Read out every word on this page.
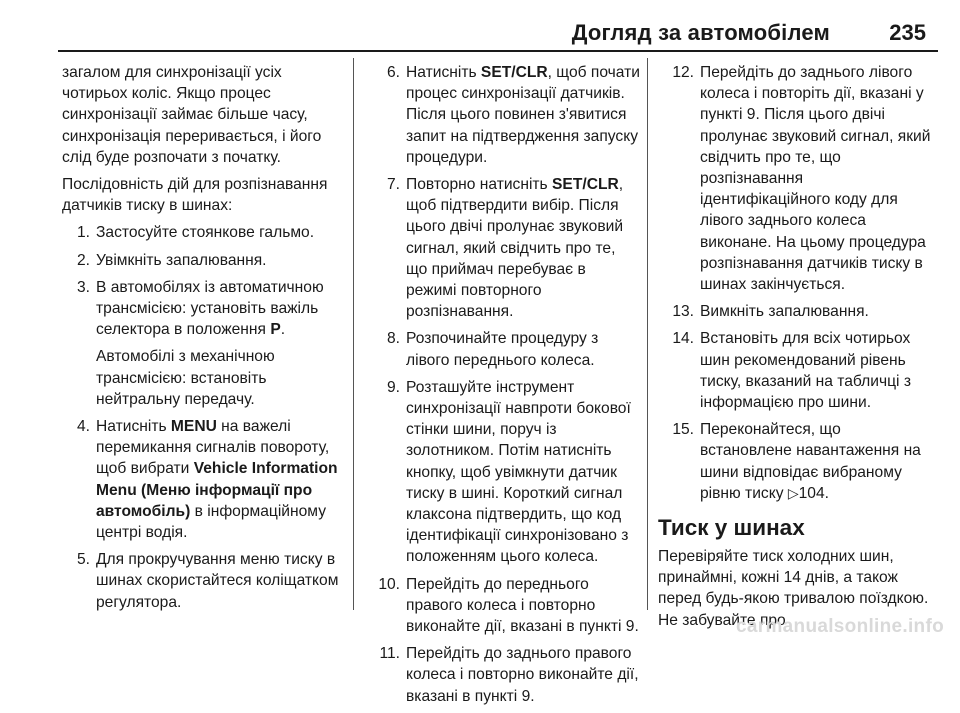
Догляд за автомобілем	235

загалом для синхронізації усіх чотирьох коліс. Якщо процес синхронізації займає більше часу, синхронізація переривається, і його слід буде розпочати з початку.

Послідовність дій для розпізнавання датчиків тиску в шинах:

1. Застосуйте стоянкове гальмо.
2. Увімкніть запалювання.
3. В автомобілях із автоматичною трансмісією: установіть важіль селектора в положення P.
Автомобілі з механічною трансмісією: встановіть нейтральну передачу.
4. Натисніть MENU на важелі перемикання сигналів повороту, щоб вибрати Vehicle Information Menu (Меню інформації про автомобіль) в інформаційному центрі водія.
5. Для прокручування меню тиску в шинах скористайтеся коліщатком регулятора.
6. Натисніть SET/CLR, щоб почати процес синхронізації датчиків. Після цього повинен з'явитися запит на підтвердження запуску процедури.
7. Повторно натисніть SET/CLR, щоб підтвердити вибір. Після цього двічі пролунає звуковий сигнал, який свідчить про те, що приймач перебуває в режимі повторного розпізнавання.
8. Розпочинайте процедуру з лівого переднього колеса.
9. Розташуйте інструмент синхронізації навпроти бокової стінки шини, поруч із золотником. Потім натисніть кнопку, щоб увімкнути датчик тиску в шині. Короткий сигнал клаксона підтвердить, що код ідентифікації синхронізовано з положенням цього колеса.
10. Перейдіть до переднього правого колеса і повторно виконайте дії, вказані в пункті 9.
11. Перейдіть до заднього правого колеса і повторно виконайте дії, вказані в пункті 9.
12. Перейдіть до заднього лівого колеса і повторіть дії, вказані у пункті 9. Після цього двічі пролунає звуковий сигнал, який свідчить про те, що розпізнавання ідентифікаційного коду для лівого заднього колеса виконане. На цьому процедура розпізнавання датчиків тиску в шинах закінчується.
13. Вимкніть запалювання.
14. Встановіть для всіх чотирьох шин рекомендований рівень тиску, вказаний на табличці з інформацією про шини.
15. Переконайтеся, що встановлене навантаження на шини відповідає вибраному рівню тиску ▷104.
Тиск у шинах

Перевіряйте тиск холодних шин, принаймні, кожні 14 днів, а також перед будь-якою тривалою поїздкою. Не забувайте про

carmanualsonline.info
